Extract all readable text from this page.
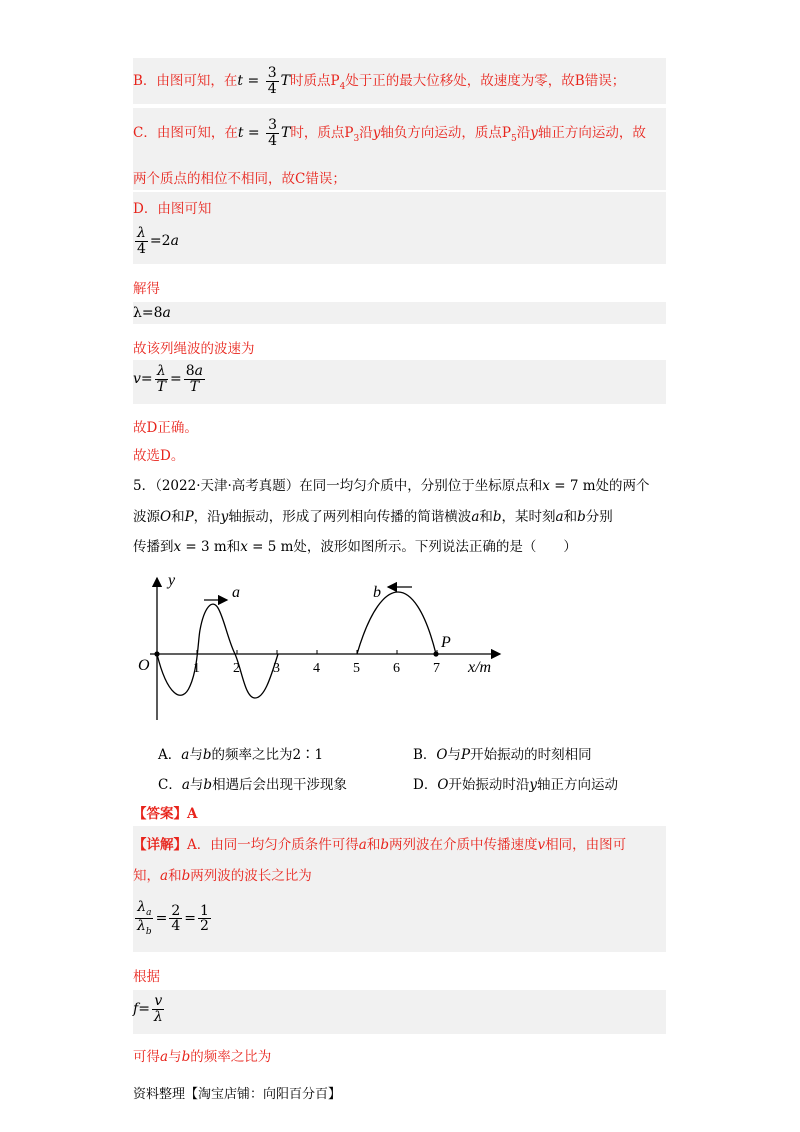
B．由图可知，在$t = \frac{3}{4}$ T时质点$P_4$处于正的最大位移处，故速度为零，故B错误；
C．由图可知，在$t = \frac{3}{4}$ T时，质点$P_3$沿y轴负方向运动，质点$P_5$沿y轴正方向运动，故
两个质点的相位不相同，故C错误；
D．由图可知
$\frac{\lambda}{4} =2a$
解得
λ=8a
故该列绳波的波速为
$v= \frac{\lambda}{T} = \frac{8a}{T}$
故D正确。
故选D。
5．（2022·天津·高考真题）在同一均匀介质中，分别位于坐标原点和x = 7 m处的两个
波源O和P，沿y轴振动，形成了两列相向传播的简谐横波a和b，某时刻a和b分别
传播到x = 3 m和x = 5 m处，波形如图所示。下列说法正确的是（　　）
y
x/m
O
a	b
P
1 2 3 4 5 6 7
A．a与b的频率之比为2∶1	B．O与P开始振动的时刻相同
C．a与b相遇后会出现干涉现象	D．O开始振动时沿y轴正方向运动
【答案】A
【详解】A．由同一均匀介质条件可得a和b两列波在介质中传播速度v相同，由图可
知，a和b两列波的波长之比为
$\frac{\lambda_a}{\lambda_b} = \frac{2}{4} = \frac{1}{2}$
根据
$f= \frac{v}{\lambda}$
可得a与b的频率之比为
资料整理【淘宝店铺：向阳百分百】
